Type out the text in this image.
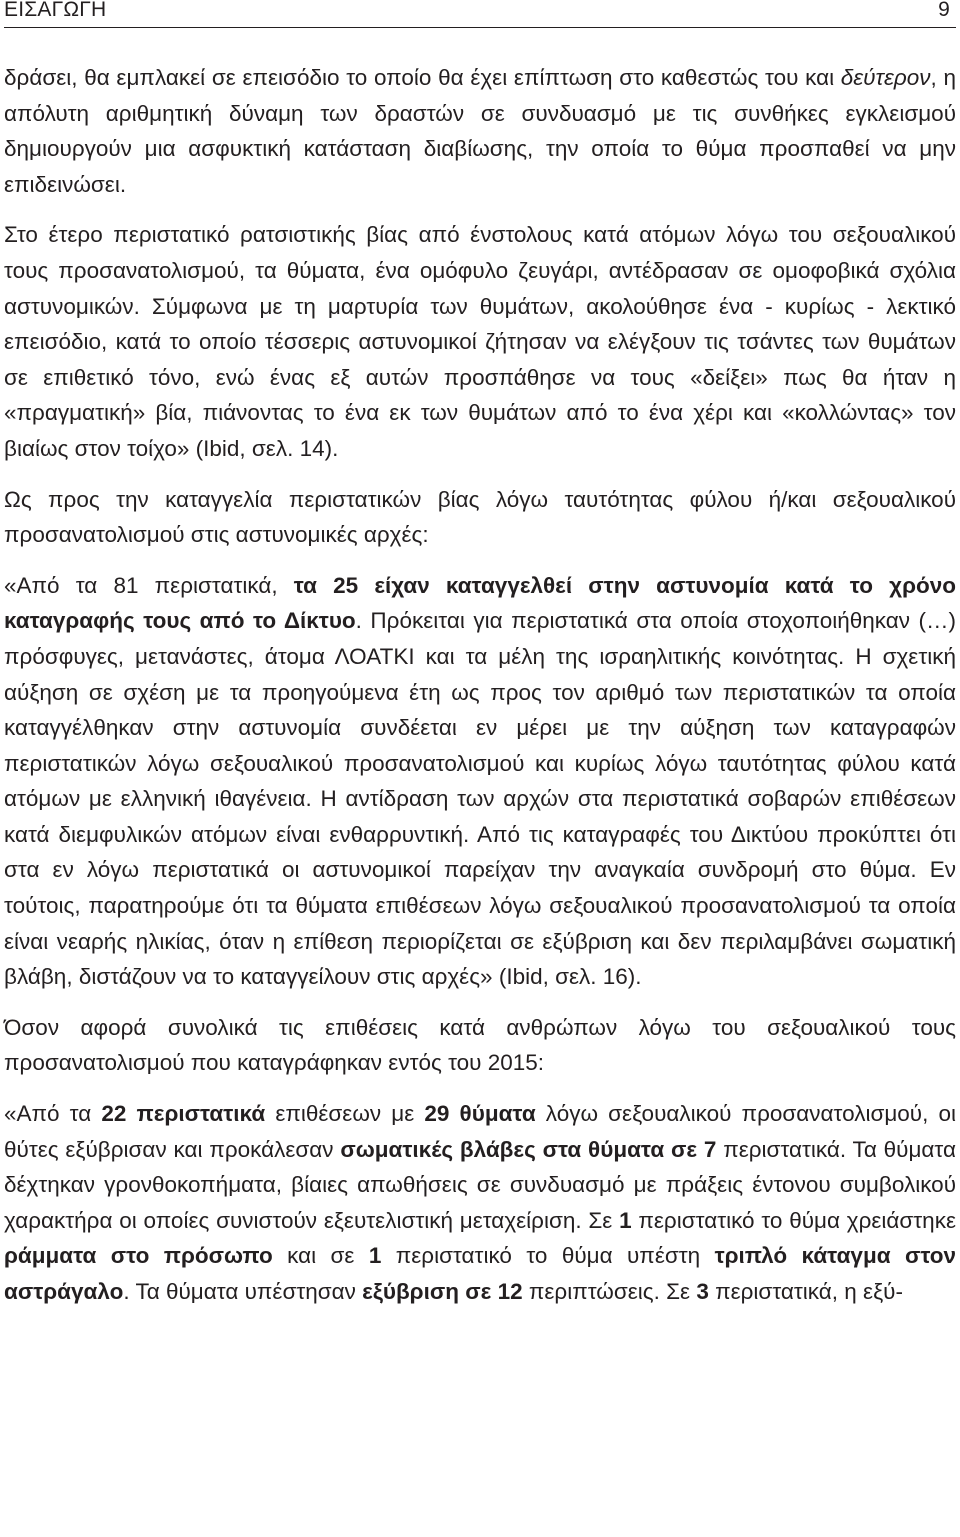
ΕΙΣΑΓΩΓΗ	9

δράσει, θα εμπλακεί σε επεισόδιο το οποίο θα έχει επίπτωση στο καθεστώς του και δεύτερον, η απόλυτη αριθμητική δύναμη των δραστών σε συνδυασμό με τις συνθήκες εγκλεισμού δημιουργούν μια ασφυκτική κατάσταση διαβίωσης, την οποία το θύμα προσπαθεί να μην επιδεινώσει.

Στο έτερο περιστατικό ρατσιστικής βίας από ένστολους κατά ατόμων λόγω του σεξουαλικού τους προσανατολισμού, τα θύματα, ένα ομόφυλο ζευγάρι, αντέδρασαν σε ομοφοβικά σχόλια αστυνομικών. Σύμφωνα με τη μαρτυρία των θυμάτων, ακολούθησε ένα - κυρίως - λεκτικό επεισόδιο, κατά το οποίο τέσσερις αστυνομικοί ζήτησαν να ελέγξουν τις τσάντες των θυμάτων σε επιθετικό τόνο, ενώ ένας εξ αυτών προσπάθησε να τους «δείξει» πως θα ήταν η «πραγματική» βία, πιάνοντας το ένα εκ των θυμάτων από το ένα χέρι και «κολλώντας» τον βιαίως στον τοίχο» (Ibid, σελ. 14).

Ως προς την καταγγελία περιστατικών βίας λόγω ταυτότητας φύλου ή/και σεξουαλικού προσανατολισμού στις αστυνομικές αρχές:

«Από τα 81 περιστατικά, τα 25 είχαν καταγγελθεί στην αστυνομία κατά το χρόνο καταγραφής τους από το Δίκτυο. Πρόκειται για περιστατικά στα οποία στοχοποιήθηκαν (…) πρόσφυγες, μετανάστες, άτομα ΛΟΑΤΚΙ και τα μέλη της ισραηλιτικής κοινότητας. Η σχετική αύξηση σε σχέση με τα προηγούμενα έτη ως προς τον αριθμό των περιστατικών τα οποία καταγγέλθηκαν στην αστυνομία συνδέεται εν μέρει με την αύξηση των καταγραφών περιστατικών λόγω σεξουαλικού προσανατολισμού και κυρίως λόγω ταυτότητας φύλου κατά ατόμων με ελληνική ιθαγένεια. Η αντίδραση των αρχών στα περιστατικά σοβαρών επιθέσεων κατά διεμφυλικών ατόμων είναι ενθαρρυντική. Από τις καταγραφές του Δικτύου προκύπτει ότι στα εν λόγω περιστατικά οι αστυνομικοί παρείχαν την αναγκαία συνδρομή στο θύμα. Εν τούτοις, παρατηρούμε ότι τα θύματα επιθέσεων λόγω σεξουαλικού προσανατολισμού τα οποία είναι νεαρής ηλικίας, όταν η επίθεση περιορίζεται σε εξύβριση και δεν περιλαμβάνει σωματική βλάβη, διστάζουν να το καταγγείλουν στις αρχές» (Ibid, σελ. 16).

Όσον αφορά συνολικά τις επιθέσεις κατά ανθρώπων λόγω του σεξουαλικού τους προσανατολισμού που καταγράφηκαν εντός του 2015:

«Από τα 22 περιστατικά επιθέσεων με 29 θύματα λόγω σεξουαλικού προσανατολισμού, οι θύτες εξύβρισαν και προκάλεσαν σωματικές βλάβες στα θύματα σε 7 περιστατικά. Τα θύματα δέχτηκαν γρονθοκοπήματα, βίαιες απωθήσεις σε συνδυασμό με πράξεις έντονου συμβολικού χαρακτήρα οι οποίες συνιστούν εξευτελιστική μεταχείριση. Σε 1 περιστατικό το θύμα χρειάστηκε ράμματα στο πρόσωπο και σε 1 περιστατικό το θύμα υπέστη τριπλό κάταγμα στον αστράγαλο. Τα θύματα υπέστησαν εξύβριση σε 12 περιπτώσεις. Σε 3 περιστατικά, η εξύ-
